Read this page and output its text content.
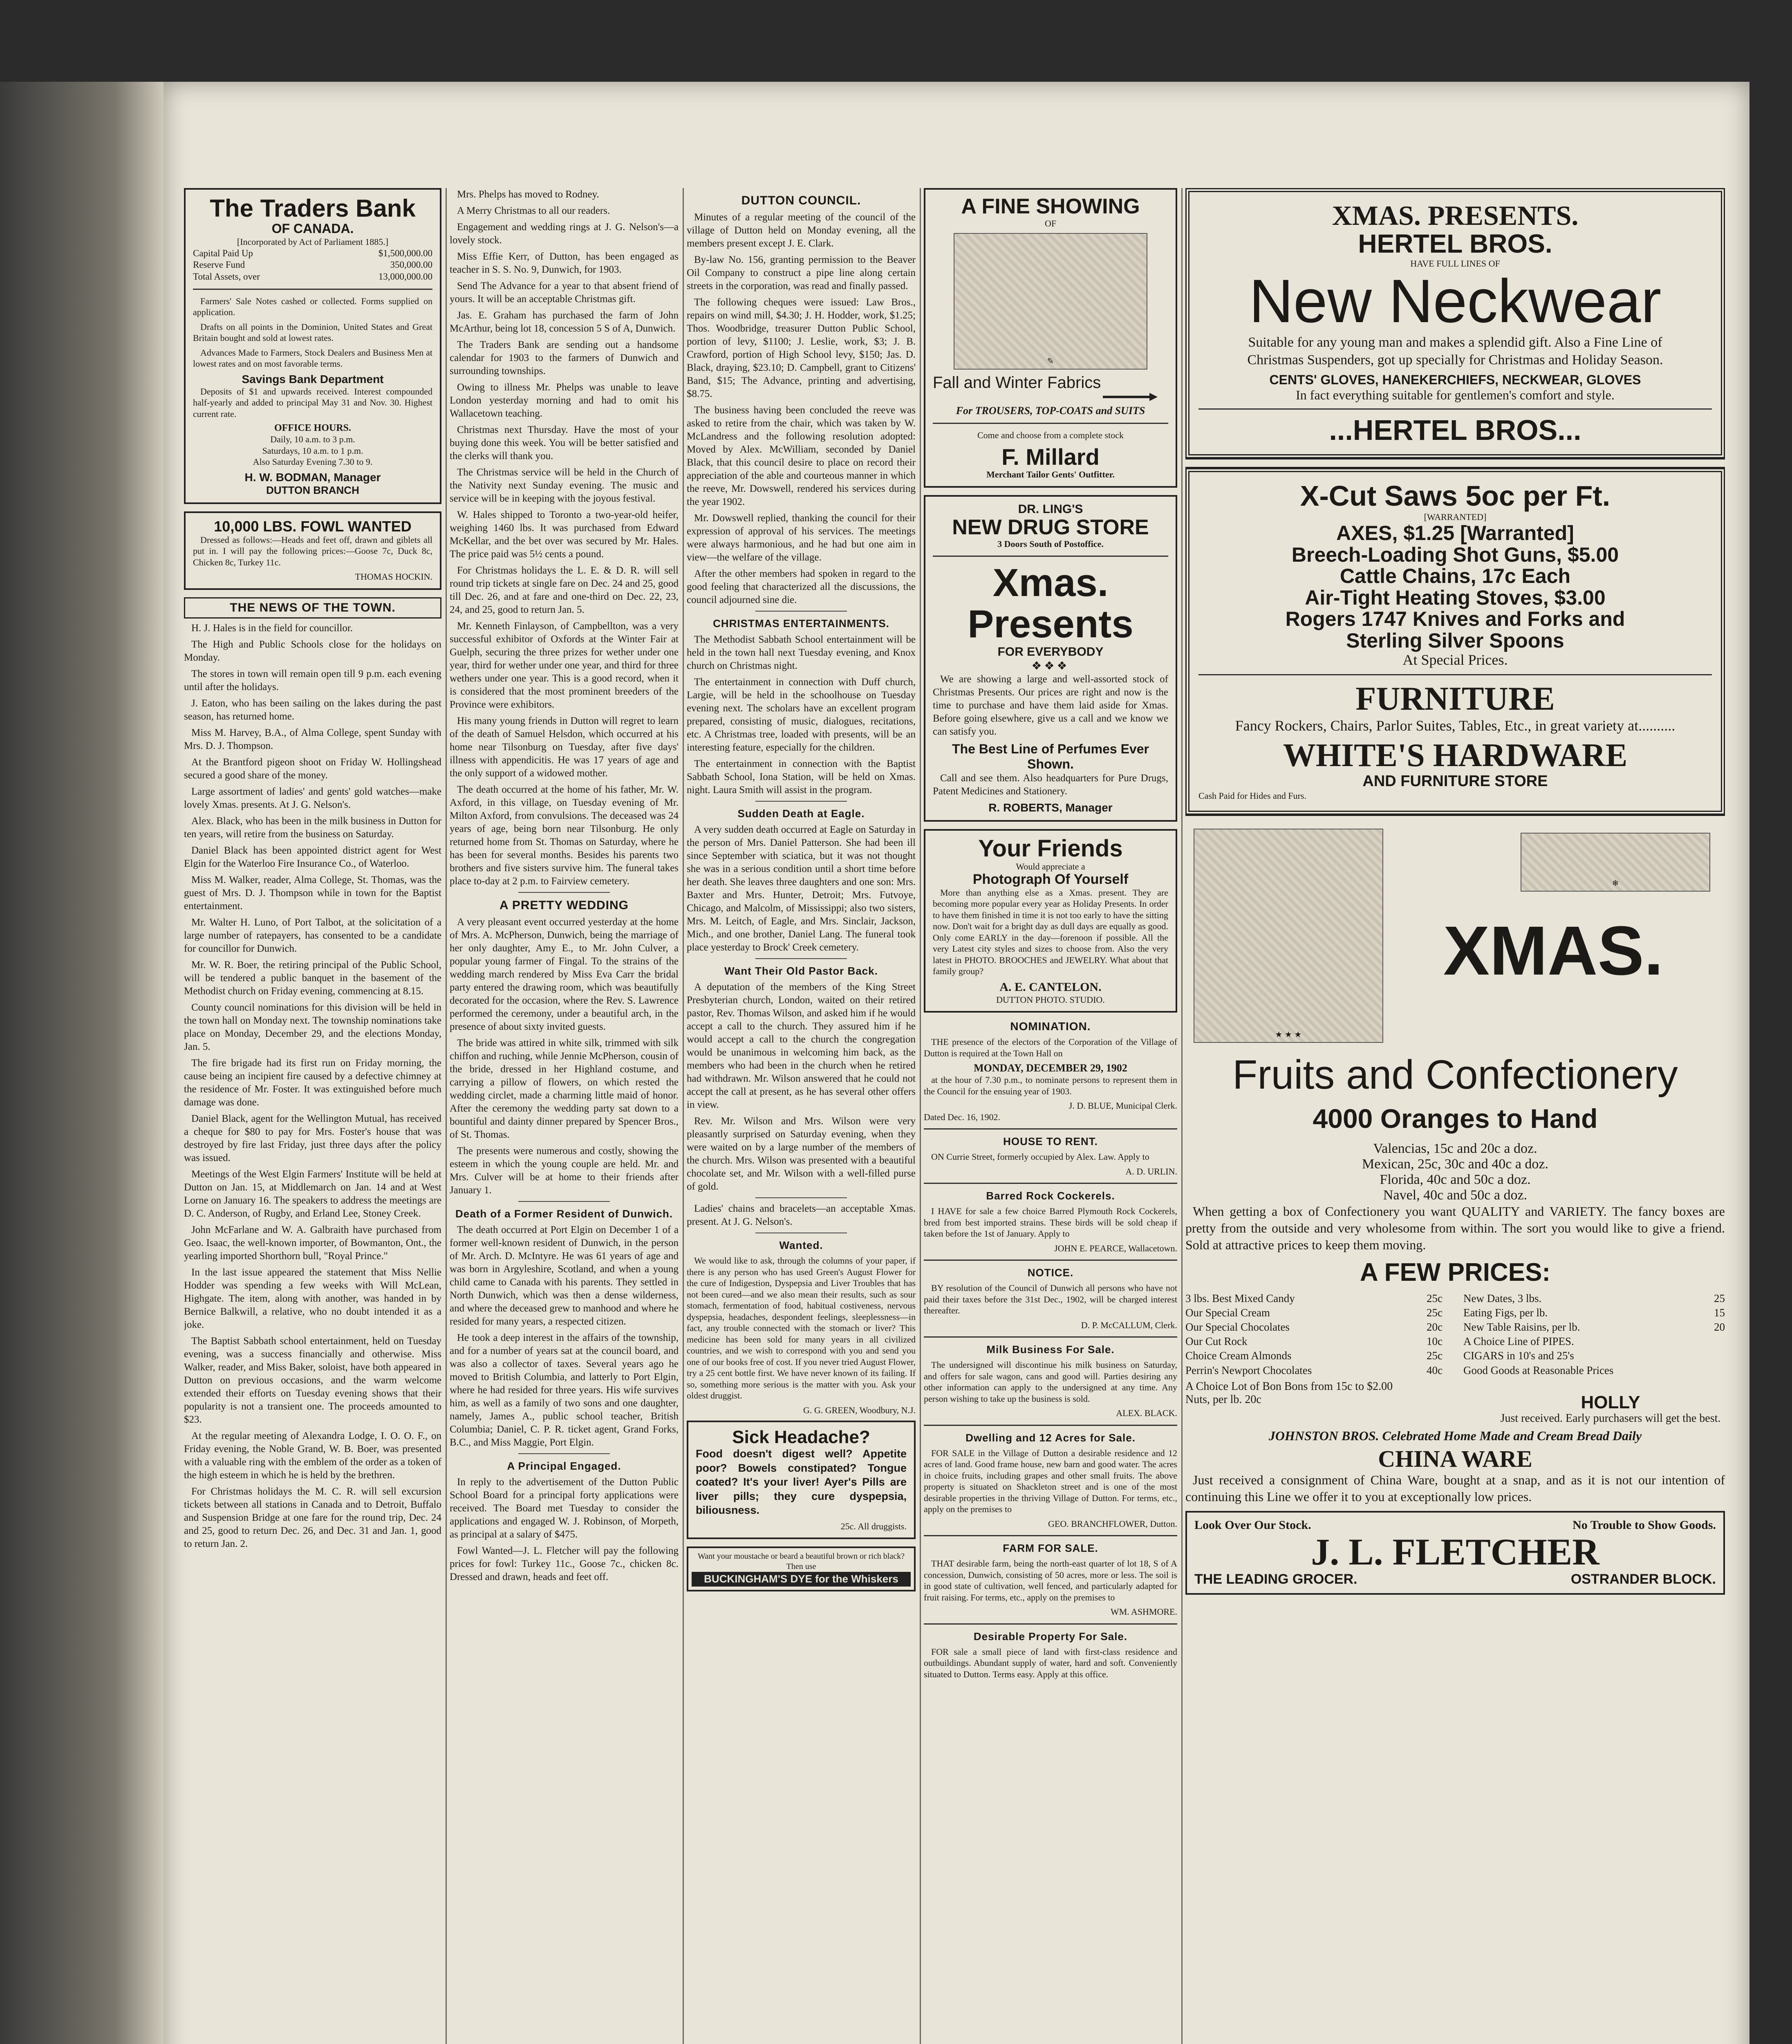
The Traders Bank
OF CANADA.
[Incorporated by Act of Parliament 1885.]
Capital Paid Up	$1,500,000.00
Reserve Fund	350,000.00
Total Assets, over	13,000,000.00

Farmers' Sale Notes cashed or collected. Forms supplied on application.

Drafts on all points in the Dominion, United States and Great Britain bought and sold at lowest rates.

Advances Made to Farmers, Stock Dealers and Business Men at lowest rates and on most favorable terms.

Savings Bank Department

Deposits of $1 and upwards received. Interest compounded half-yearly and added to principal May 31 and Nov. 30. Highest current rate.

OFFICE HOURS.
Daily, 10 a.m. to 3 p.m.
Saturdays, 10 a.m. to 1 p.m.
Also Saturday Evening 7.30 to 9.
H. W. BODMAN, Manager
DUTTON BRANCH
10,000 LBS. FOWL WANTED

Dressed as follows:—Heads and feet off, drawn and giblets all put in. I will pay the following prices:—Goose 7c, Duck 8c, Chicken 8c, Turkey 11c.

THOMAS HOCKIN.
THE NEWS OF THE TOWN.

H. J. Hales is in the field for councillor.

The High and Public Schools close for the holidays on Monday.

The stores in town will remain open till 9 p.m. each evening until after the holidays.

J. Eaton, who has been sailing on the lakes during the past season, has returned home.

Miss M. Harvey, B.A., of Alma College, spent Sunday with Mrs. D. J. Thompson.

At the Brantford pigeon shoot on Friday W. Hollingshead secured a good share of the money.

Large assortment of ladies' and gents' gold watches—make lovely Xmas. presents. At J. G. Nelson's.

Alex. Black, who has been in the milk business in Dutton for ten years, will retire from the business on Saturday.

Daniel Black has been appointed district agent for West Elgin for the Waterloo Fire Insurance Co., of Waterloo.

Miss M. Walker, reader, Alma College, St. Thomas, was the guest of Mrs. D. J. Thompson while in town for the Baptist entertainment.

Mr. Walter H. Luno, of Port Talbot, at the solicitation of a large number of ratepayers, has consented to be a candidate for councillor for Dunwich.

Mr. W. R. Boer, the retiring principal of the Public School, will be tendered a public banquet in the basement of the Methodist church on Friday evening, commencing at 8.15.

County council nominations for this division will be held in the town hall on Monday next. The township nominations take place on Monday, December 29, and the elections Monday, Jan. 5.

The fire brigade had its first run on Friday morning, the cause being an incipient fire caused by a defective chimney at the residence of Mr. Foster. It was extinguished before much damage was done.

Daniel Black, agent for the Wellington Mutual, has received a cheque for $80 to pay for Mrs. Foster's house that was destroyed by fire last Friday, just three days after the policy was issued.

Meetings of the West Elgin Farmers' Institute will be held at Dutton on Jan. 15, at Middlemarch on Jan. 14 and at West Lorne on January 16. The speakers to address the meetings are D. C. Anderson, of Rugby, and Erland Lee, Stoney Creek.

John McFarlane and W. A. Galbraith have purchased from Geo. Isaac, the well-known importer, of Bowmanton, Ont., the yearling imported Shorthorn bull, "Royal Prince."

In the last issue appeared the statement that Miss Nellie Hodder was spending a few weeks with Will McLean, Highgate. The item, along with another, was handed in by Bernice Balkwill, a relative, who no doubt intended it as a joke.

The Baptist Sabbath school entertainment, held on Tuesday evening, was a success financially and otherwise. Miss Walker, reader, and Miss Baker, soloist, have both appeared in Dutton on previous occasions, and the warm welcome extended their efforts on Tuesday evening shows that their popularity is not a transient one. The proceeds amounted to $23.

At the regular meeting of Alexandra Lodge, I. O. O. F., on Friday evening, the Noble Grand, W. B. Boer, was presented with a valuable ring with the emblem of the order as a token of the high esteem in which he is held by the brethren.

For Christmas holidays the M. C. R. will sell excursion tickets between all stations in Canada and to Detroit, Buffalo and Suspension Bridge at one fare for the round trip, Dec. 24 and 25, good to return Dec. 26, and Dec. 31 and Jan. 1, good to return Jan. 2.

Mrs. Phelps has moved to Rodney.

A Merry Christmas to all our readers.

Engagement and wedding rings at J. G. Nelson's—a lovely stock.

Miss Effie Kerr, of Dutton, has been engaged as teacher in S. S. No. 9, Dunwich, for 1903.

Send The Advance for a year to that absent friend of yours. It will be an acceptable Christmas gift.

Jas. E. Graham has purchased the farm of John McArthur, being lot 18, concession 5 S of A, Dunwich.

The Traders Bank are sending out a handsome calendar for 1903 to the farmers of Dunwich and surrounding townships.

Owing to illness Mr. Phelps was unable to leave London yesterday morning and had to omit his Wallacetown teaching.

Christmas next Thursday. Have the most of your buying done this week. You will be better satisfied and the clerks will thank you.

The Christmas service will be held in the Church of the Nativity next Sunday evening. The music and service will be in keeping with the joyous festival.

W. Hales shipped to Toronto a two-year-old heifer, weighing 1460 lbs. It was purchased from Edward McKellar, and the bet over was secured by Mr. Hales. The price paid was 5½ cents a pound.

For Christmas holidays the L. E. & D. R. will sell round trip tickets at single fare on Dec. 24 and 25, good till Dec. 26, and at fare and one-third on Dec. 22, 23, 24, and 25, good to return Jan. 5.

Mr. Kenneth Finlayson, of Campbellton, was a very successful exhibitor of Oxfords at the Winter Fair at Guelph, securing the three prizes for wether under one year, third for wether under one year, and third for three wethers under one year. This is a good record, when it is considered that the most prominent breeders of the Province were exhibitors.

His many young friends in Dutton will regret to learn of the death of Samuel Helsdon, which occurred at his home near Tilsonburg on Tuesday, after five days' illness with appendicitis. He was 17 years of age and the only support of a widowed mother.

The death occurred at the home of his father, Mr. W. Axford, in this village, on Tuesday evening of Mr. Milton Axford, from convulsions. The deceased was 24 years of age, being born near Tilsonburg. He only returned home from St. Thomas on Saturday, where he has been for several months. Besides his parents two brothers and five sisters survive him. The funeral takes place to-day at 2 p.m. to Fairview cemetery.

A PRETTY WEDDING

A very pleasant event occurred yesterday at the home of Mrs. A. McPherson, Dunwich, being the marriage of her only daughter, Amy E., to Mr. John Culver, a popular young farmer of Fingal. To the strains of the wedding march rendered by Miss Eva Carr the bridal party entered the drawing room, which was beautifully decorated for the occasion, where the Rev. S. Lawrence performed the ceremony, under a beautiful arch, in the presence of about sixty invited guests.

The bride was attired in white silk, trimmed with silk chiffon and ruching, while Jennie McPherson, cousin of the bride, dressed in her Highland costume, and carrying a pillow of flowers, on which rested the wedding circlet, made a charming little maid of honor. After the ceremony the wedding party sat down to a bountiful and dainty dinner prepared by Spencer Bros., of St. Thomas.

The presents were numerous and costly, showing the esteem in which the young couple are held. Mr. and Mrs. Culver will be at home to their friends after January 1.

Death of a Former Resident of Dunwich.

The death occurred at Port Elgin on December 1 of a former well-known resident of Dunwich, in the person of Mr. Arch. D. McIntyre. He was 61 years of age and was born in Argyleshire, Scotland, and when a young child came to Canada with his parents. They settled in North Dunwich, which was then a dense wilderness, and where the deceased grew to manhood and where he resided for many years, a respected citizen.

He took a deep interest in the affairs of the township, and for a number of years sat at the council board, and was also a collector of taxes. Several years ago he moved to British Columbia, and latterly to Port Elgin, where he had resided for three years. His wife survives him, as well as a family of two sons and one daughter, namely, James A., public school teacher, British Columbia; Daniel, C. P. R. ticket agent, Grand Forks, B.C., and Miss Maggie, Port Elgin.

A Principal Engaged.

In reply to the advertisement of the Dutton Public School Board for a principal forty applications were received. The Board met Tuesday to consider the applications and engaged W. J. Robinson, of Morpeth, as principal at a salary of $475.

Fowl Wanted—J. L. Fletcher will pay the following prices for fowl: Turkey 11c., Goose 7c., chicken 8c. Dressed and drawn, heads and feet off.

DUTTON COUNCIL.

Minutes of a regular meeting of the council of the village of Dutton held on Monday evening, all the members present except J. E. Clark.

By-law No. 156, granting permission to the Beaver Oil Company to construct a pipe line along certain streets in the corporation, was read and finally passed.

The following cheques were issued: Law Bros., repairs on wind mill, $4.30; J. H. Hodder, work, $1.25; Thos. Woodbridge, treasurer Dutton Public School, portion of levy, $1100; J. Leslie, work, $3; J. B. Crawford, portion of High School levy, $150; Jas. D. Black, draying, $23.10; D. Campbell, grant to Citizens' Band, $15; The Advance, printing and advertising, $8.75.

The business having been concluded the reeve was asked to retire from the chair, which was taken by W. McLandress and the following resolution adopted: Moved by Alex. McWilliam, seconded by Daniel Black, that this council desire to place on record their appreciation of the able and courteous manner in which the reeve, Mr. Dowswell, rendered his services during the year 1902.

Mr. Dowswell replied, thanking the council for their expression of approval of his services. The meetings were always harmonious, and he had but one aim in view—the welfare of the village.

After the other members had spoken in regard to the good feeling that characterized all the discussions, the council adjourned sine die.

CHRISTMAS ENTERTAINMENTS.

The Methodist Sabbath School entertainment will be held in the town hall next Tuesday evening, and Knox church on Christmas night.

The entertainment in connection with Duff church, Largie, will be held in the schoolhouse on Tuesday evening next. The scholars have an excellent program prepared, consisting of music, dialogues, recitations, etc. A Christmas tree, loaded with presents, will be an interesting feature, especially for the children.

The entertainment in connection with the Baptist Sabbath School, Iona Station, will be held on Xmas. night. Laura Smith will assist in the program.

Sudden Death at Eagle.

A very sudden death occurred at Eagle on Saturday in the person of Mrs. Daniel Patterson. She had been ill since September with sciatica, but it was not thought she was in a serious condition until a short time before her death. She leaves three daughters and one son: Mrs. Baxter and Mrs. Hunter, Detroit; Mrs. Futvoye, Chicago, and Malcolm, of Mississippi; also two sisters, Mrs. M. Leitch, of Eagle, and Mrs. Sinclair, Jackson, Mich., and one brother, Daniel Lang. The funeral took place yesterday to Brock' Creek cemetery.

Want Their Old Pastor Back.

A deputation of the members of the King Street Presbyterian church, London, waited on their retired pastor, Rev. Thomas Wilson, and asked him if he would accept a call to the church. They assured him if he would accept a call to the church the congregation would be unanimous in welcoming him back, as the members who had been in the church when he retired had withdrawn. Mr. Wilson answered that he could not accept the call at present, as he has several other offers in view.

Rev. Mr. Wilson and Mrs. Wilson were very pleasantly surprised on Saturday evening, when they were waited on by a large number of the members of the church. Mrs. Wilson was presented with a beautiful chocolate set, and Mr. Wilson with a well-filled purse of gold.

Ladies' chains and bracelets—an acceptable Xmas. present. At J. G. Nelson's.

Wanted.

We would like to ask, through the columns of your paper, if there is any person who has used Green's August Flower for the cure of Indigestion, Dyspepsia and Liver Troubles that has not been cured—and we also mean their results, such as sour stomach, fermentation of food, habitual costiveness, nervous dyspepsia, headaches, despondent feelings, sleeplessness—in fact, any trouble connected with the stomach or liver? This medicine has been sold for many years in all civilized countries, and we wish to correspond with you and send you one of our books free of cost. If you never tried August Flower, try a 25 cent bottle first. We have never known of its failing. If so, something more serious is the matter with you. Ask your oldest druggist.

G. G. GREEN, Woodbury, N.J.
Sick Headache?

Food doesn't digest well? Appetite poor? Bowels constipated? Tongue coated? It's your liver! Ayer's Pills are liver pills; they cure dyspepsia, biliousness.

25c. All druggists.
Want your moustache or beard a beautiful brown or rich black? Then use
BUCKINGHAM'S DYE for the Whiskers
A FINE SHOWING
OF
✎
Fall and Winter Fabrics
For TROUSERS, TOP-COATS and SUITS
Come and choose from a complete stock
F. Millard
Merchant Tailor Gents' Outfitter.
DR. LING'S
NEW DRUG STORE
3 Doors South of Postoffice.
Xmas. Presents
FOR EVERYBODY
❖❖❖

We are showing a large and well-assorted stock of Christmas Presents. Our prices are right and now is the time to purchase and have them laid aside for Xmas. Before going elsewhere, give us a call and we know we can satisfy you.

The Best Line of Perfumes Ever Shown.

Call and see them. Also headquarters for Pure Drugs, Patent Medicines and Stationery.

R. ROBERTS, Manager
Your Friends
Would appreciate a
Photograph Of Yourself

More than anything else as a Xmas. present. They are becoming more popular every year as Holiday Presents. In order to have them finished in time it is not too early to have the sitting now. Don't wait for a bright day as dull days are equally as good. Only come EARLY in the day—forenoon if possible. All the very Latest city styles and sizes to choose from. Also the very latest in PHOTO. BROOCHES and JEWELRY. What about that family group?

A. E. CANTELON.
DUTTON PHOTO. STUDIO.
NOMINATION.

THE presence of the electors of the Corporation of the Village of Dutton is required at the Town Hall on

MONDAY, DECEMBER 29, 1902

at the hour of 7.30 p.m., to nominate persons to represent them in the Council for the ensuing year of 1903.

J. D. BLUE, Municipal Clerk.
Dated Dec. 16, 1902.
HOUSE TO RENT.

ON Currie Street, formerly occupied by Alex. Law. Apply to

A. D. URLIN.
Barred Rock Cockerels.

I HAVE for sale a few choice Barred Plymouth Rock Cockerels, bred from best imported strains. These birds will be sold cheap if taken before the 1st of January. Apply to

JOHN E. PEARCE, Wallacetown.
NOTICE.

BY resolution of the Council of Dunwich all persons who have not paid their taxes before the 31st Dec., 1902, will be charged interest thereafter.

D. P. McCALLUM, Clerk.
Milk Business For Sale.

The undersigned will discontinue his milk business on Saturday, and offers for sale wagon, cans and good will. Parties desiring any other information can apply to the undersigned at any time. Any person wishing to take up the business is sold.

ALEX. BLACK.
Dwelling and 12 Acres for Sale.

FOR SALE in the Village of Dutton a desirable residence and 12 acres of land. Good frame house, new barn and good water. The acres in choice fruits, including grapes and other small fruits. The above property is situated on Shackleton street and is one of the most desirable properties in the thriving Village of Dutton. For terms, etc., apply on the premises to

GEO. BRANCHFLOWER, Dutton.
FARM FOR SALE.

THAT desirable farm, being the north-east quarter of lot 18, S of A concession, Dunwich, consisting of 50 acres, more or less. The soil is in good state of cultivation, well fenced, and particularly adapted for fruit raising. For terms, etc., apply on the premises to

WM. ASHMORE.
Desirable Property For Sale.

FOR sale a small piece of land with first-class residence and outbuildings. Abundant supply of water, hard and soft. Conveniently situated to Dutton. Terms easy. Apply at this office.

XMAS. PRESENTS.
HERTEL BROS.
HAVE FULL LINES OF
New Neckwear

Suitable for any young man and makes a splendid gift. Also a Fine Line of Christmas Suspenders, got up specially for Christmas and Holiday Season.

CENTS' GLOVES, HANEKERCHIEFS, NECKWEAR, GLOVES
In fact everything suitable for gentlemen's comfort and style.
...HERTEL BROS...
X-Cut Saws 5oc per Ft.
[WARRANTED]
AXES, $1.25 [Warranted]
Breech-Loading Shot Guns, $5.00
Cattle Chains, 17c Each
Air-Tight Heating Stoves, $3.00
Rogers 1747 Knives and Forks and
Sterling Silver Spoons
At Special Prices.
FURNITURE

Fancy Rockers, Chairs, Parlor Suites, Tables, Etc., in great variety at..........

WHITE'S HARDWARE
AND FURNITURE STORE
Cash Paid for Hides and Furs.
★ ★ ★
❄
XMAS.
Fruits and Confectionery
4000 Oranges to Hand
Valencias, 15c and 20c a doz.
Mexican, 25c, 30c and 40c a doz.
Florida, 40c and 50c a doz.
Navel, 40c and 50c a doz.

When getting a box of Confectionery you want QUALITY and VARIETY. The fancy boxes are pretty from the outside and very wholesome from within. The sort you would like to give a friend. Sold at attractive prices to keep them moving.

A FEW PRICES:
3 lbs. Best Mixed Candy	25c	New Dates, 3 lbs.	25
Our Special Cream	25c	Eating Figs, per lb.	15
Our Special Chocolates	20c	New Table Raisins, per lb.	20
Our Cut Rock	10c	A Choice Line of PIPES.
Choice Cream Almonds	25c	CIGARS in 10's and 25's
Perrin's Newport Chocolates	40c	Good Goods at Reasonable Prices
A Choice Lot of Bon Bons from 15c to $2.00
Nuts, per lb. 20c	HOLLY
Just received. Early purchasers will get the best.
JOHNSTON BROS. Celebrated Home Made and Cream Bread Daily
CHINA WARE

Just received a consignment of China Ware, bought at a snap, and as it is not our intention of continuing this Line we offer it to you at exceptionally low prices.

Look Over Our Stock.	No Trouble to Show Goods.
J. L. FLETCHER
THE LEADING GROCER.	OSTRANDER BLOCK.
